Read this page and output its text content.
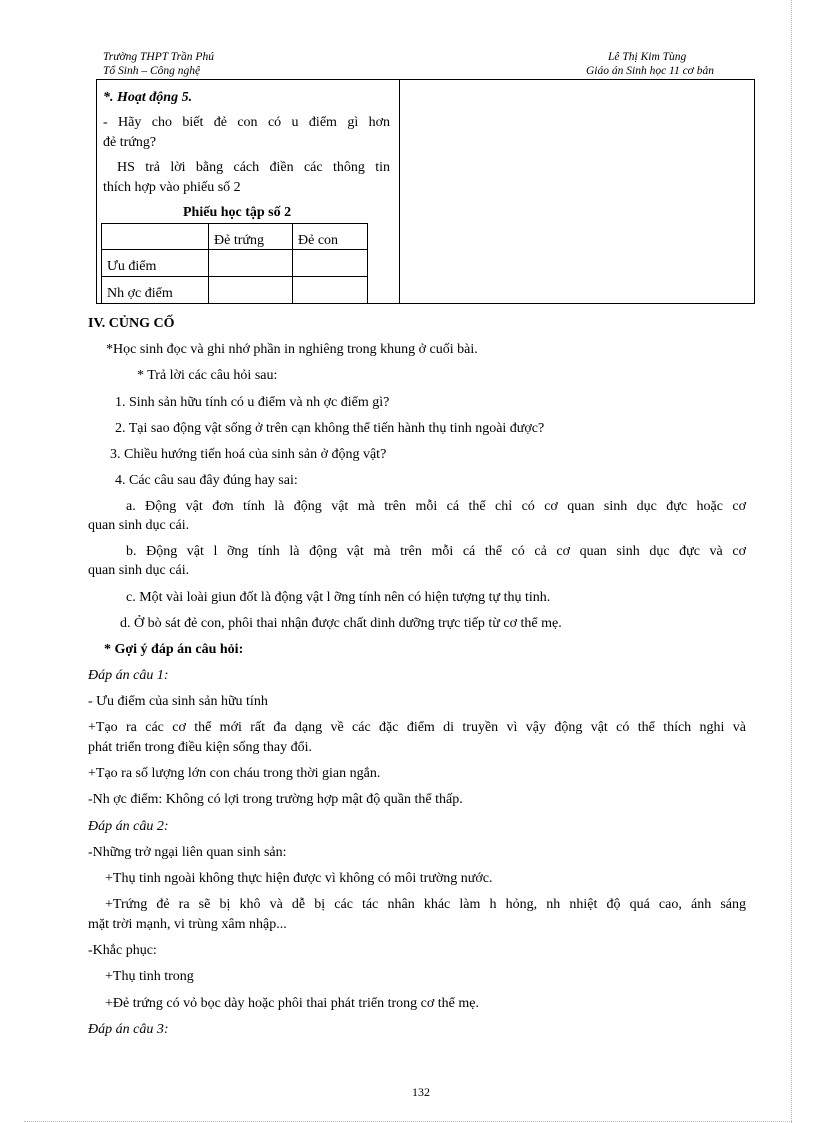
Trường THPT Trần Phú
Tổ Sinh – Công nghệ
Lê Thị Kim Tùng
Giáo án Sinh học 11 cơ bản
*. Hoạt động 5.
- Hãy cho biết đẻ con có u điểm gì hơn
đẻ trứng?
HS trả lời bằng cách điền các thông tin
thích hợp vào phiếu số 2
Phiếu học tập số 2
Đẻ trứng Đẻ con
Ưu điểm
Nh ợc điểm
IV. CỦNG CỐ
*Học sinh đọc và ghi nhớ phần in nghiêng trong khung ở cuối bài.
* Trả lời các câu hỏi sau:
1. Sinh sản hữu tính có u điểm và nh ợc điểm gì?
2. Tại sao động vật sống ở trên cạn không thể tiến hành thụ tinh ngoài được?
3. Chiều hướng tiến hoá của sinh sản ở động vật?
4. Các câu sau đây đúng hay sai:
a. Động vật đơn tính là động vật mà trên mỗi cá thể chỉ có cơ quan sinh dục đực hoặc cơ
quan sinh dục cái.
b. Động vật l ỡng tính là động vật mà trên mỗi cá thể có cả cơ quan sinh dục đực và cơ
quan sinh dục cái.
c. Một vài loài giun đốt là động vật l ỡng tính nên có hiện tượng tự thụ tinh.
d. Ở bò sát đẻ con, phôi thai nhận được chất dinh dưỡng trực tiếp từ cơ thể mẹ.
* Gợi ý đáp án câu hỏi:
Đáp án câu 1:
- Ưu điểm của sinh sản hữu tính
+Tạo ra các cơ thể mới rất đa dạng về các đặc điểm di truyền vì vậy động vật có thể thích nghi và
phát triển trong điều kiện sống thay đổi.
+Tạo ra số lượng lớn con cháu trong thời gian ngắn.
-Nh ợc điểm: Không có lợi trong trường hợp mật độ quần thể thấp.
Đáp án câu 2:
-Những trở ngại liên quan sinh sản:
+Thụ tinh ngoài không thực hiện được vì không có môi trường nước.
+Trứng đẻ ra sẽ bị khô và dễ bị các tác nhân khác làm h hỏng, nh nhiệt độ quá cao, ánh sáng
mặt trời mạnh, vi trùng xâm nhập...
-Khắc phục:
+Thụ tinh trong
+Đẻ trứng có vỏ bọc dày hoặc phôi thai phát triển trong cơ thể mẹ.
Đáp án câu 3:
132
